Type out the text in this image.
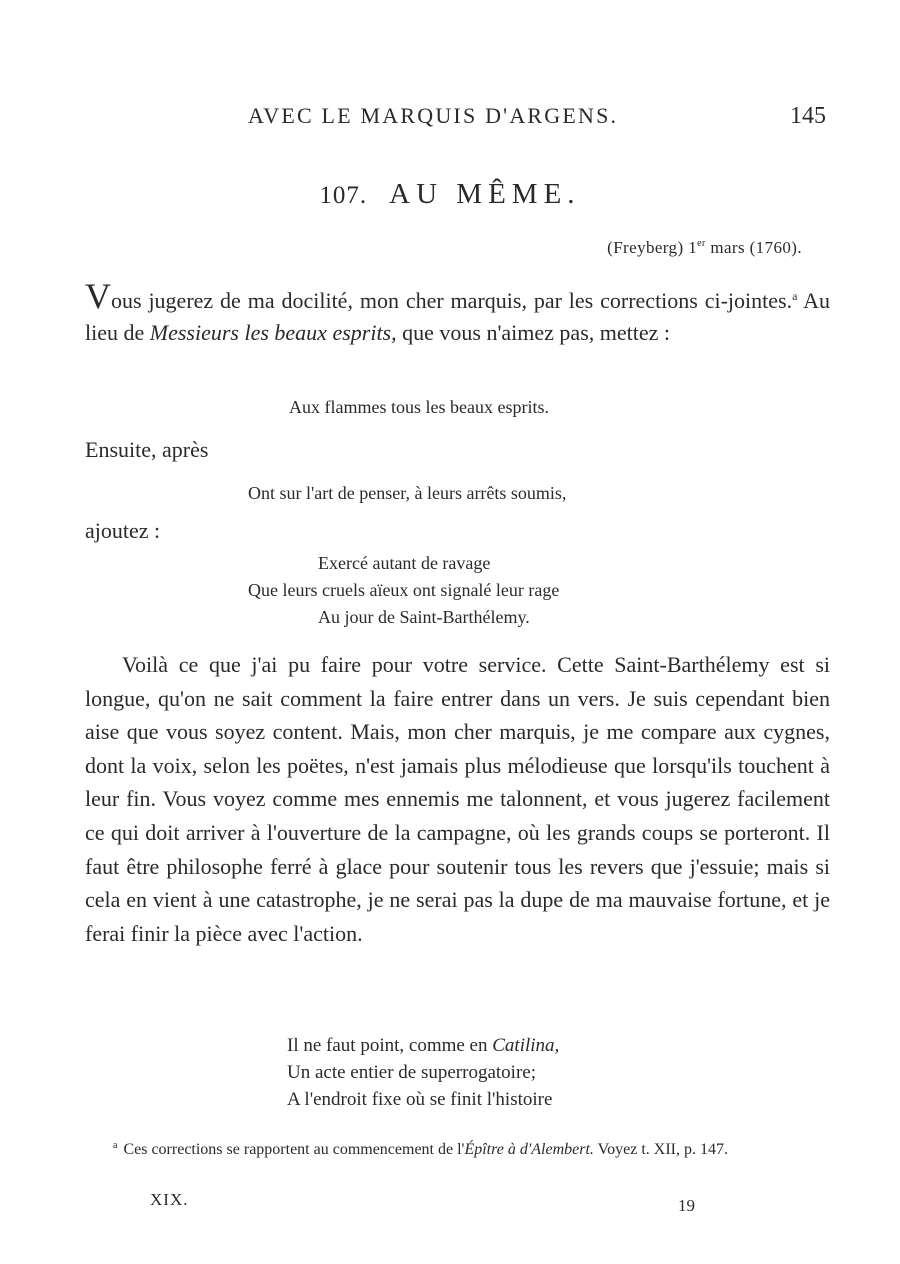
AVEC LE MARQUIS D'ARGENS.	145
107. AU MÊME.
(Freyberg) 1er mars (1760).
Vous jugerez de ma docilité, mon cher marquis, par les corrections ci-jointes.$^a$ Au lieu de Messieurs les beaux esprits, que vous n'aimez pas, mettez :
Aux flammes tous les beaux esprits.
Ensuite, après
Ont sur l'art de penser, à leurs arrêts soumis,
ajoutez :
Exercé autant de ravage
Que leurs cruels aïeux ont signalé leur rage
Au jour de Saint-Barthélemy.
Voilà ce que j'ai pu faire pour votre service. Cette Saint-Barthélemy est si longue, qu'on ne sait comment la faire entrer dans un vers. Je suis cependant bien aise que vous soyez content. Mais, mon cher marquis, je me compare aux cygnes, dont la voix, selon les poëtes, n'est jamais plus mélodieuse que lorsqu'ils touchent à leur fin. Vous voyez comme mes ennemis me talonnent, et vous jugerez facilement ce qui doit arriver à l'ouverture de la campagne, où les grands coups se porteront. Il faut être philosophe ferré à glace pour soutenir tous les revers que j'essuie; mais si cela en vient à une catastrophe, je ne serai pas la dupe de ma mauvaise fortune, et je ferai finir la pièce avec l'action.
Il ne faut point, comme en Catilina,
Un acte entier de superrogatoire;
A l'endroit fixe où se finit l'histoire
$^a$ Ces corrections se rapportent au commencement de l'Épître à d'Alembert. Voyez t. XII, p. 147.
XIX.	19
